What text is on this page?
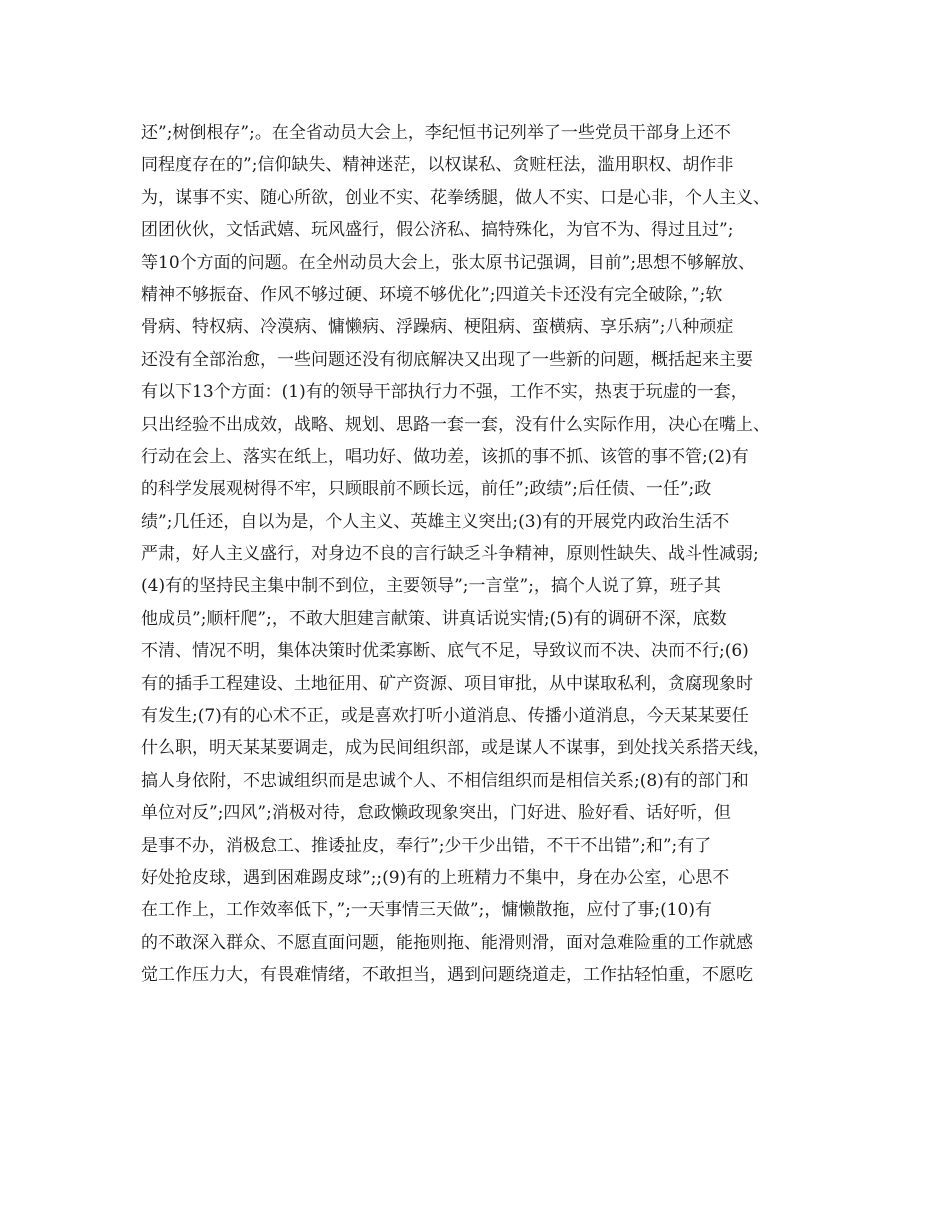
还”;树倒根存”;。在全省动员大会上，李纪恒书记列举了一些党员干部身上还不
同程度存在的”;信仰缺失、精神迷茫，以权谋私、贪赃枉法，滥用职权、胡作非
为，谋事不实、随心所欲，创业不实、花拳绣腿，做人不实、口是心非，个人主义、
团团伙伙，文恬武嬉、玩风盛行，假公济私、搞特殊化，为官不为、得过且过”;
等10个方面的问题。在全州动员大会上，张太原书记强调，目前”;思想不够解放、
精神不够振奋、作风不够过硬、环境不够优化”;四道关卡还没有完全破除，”;软
骨病、特权病、冷漠病、慵懒病、浮躁病、梗阻病、蛮横病、享乐病”;八种顽症
还没有全部治愈，一些问题还没有彻底解决又出现了一些新的问题，概括起来主要
有以下13个方面：(1)有的领导干部执行力不强，工作不实，热衷于玩虚的一套，
只出经验不出成效，战略、规划、思路一套一套，没有什么实际作用，决心在嘴上、
行动在会上、落实在纸上，唱功好、做功差，该抓的事不抓、该管的事不管;(2)有
的科学发展观树得不牢，只顾眼前不顾长远，前任”;政绩”;后任债、一任”;政
绩”;几任还，自以为是，个人主义、英雄主义突出;(3)有的开展党内政治生活不
严肃，好人主义盛行，对身边不良的言行缺乏斗争精神，原则性缺失、战斗性减弱;
(4)有的坚持民主集中制不到位，主要领导”;一言堂”;，搞个人说了算，班子其
他成员”;顺杆爬”;，不敢大胆建言献策、讲真话说实情;(5)有的调研不深，底数
不清、情况不明，集体决策时优柔寡断、底气不足，导致议而不决、决而不行;(6)
有的插手工程建设、土地征用、矿产资源、项目审批，从中谋取私利，贪腐现象时
有发生;(7)有的心术不正，或是喜欢打听小道消息、传播小道消息，今天某某要任
什么职，明天某某要调走，成为民间组织部，或是谋人不谋事，到处找关系搭天线，
搞人身依附，不忠诚组织而是忠诚个人、不相信组织而是相信关系;(8)有的部门和
单位对反”;四风”;消极对待，怠政懒政现象突出，门好进、脸好看、话好听，但
是事不办，消极怠工、推诿扯皮，奉行”;少干少出错，不干不出错”;和”;有了
好处抢皮球，遇到困难踢皮球”;;(9)有的上班精力不集中，身在办公室，心思不
在工作上，工作效率低下，”;一天事情三天做”;，慵懒散拖，应付了事;(10)有
的不敢深入群众、不愿直面问题，能拖则拖、能滑则滑，面对急难险重的工作就感
觉工作压力大，有畏难情绪，不敢担当，遇到问题绕道走，工作拈轻怕重，不愿吃
